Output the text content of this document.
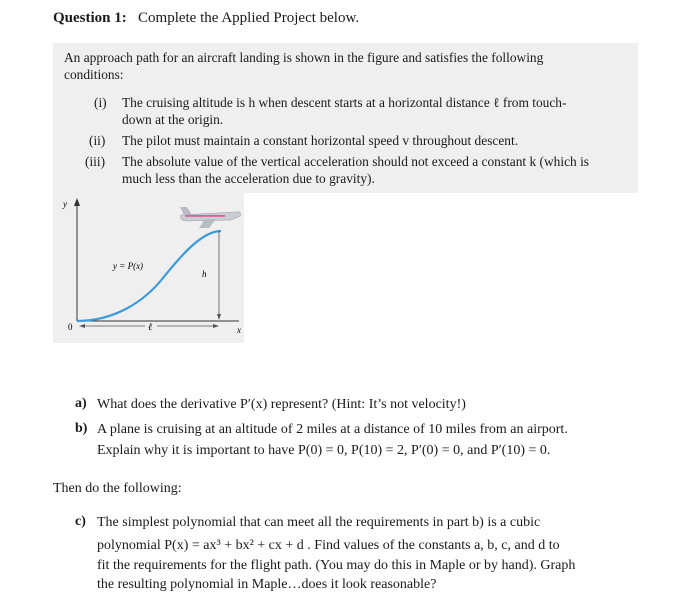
Question 1: Complete the Applied Project below.
An approach path for an aircraft landing is shown in the figure and satisfies the following
conditions:
(i) The cruising altitude is h when descent starts at a horizontal distance ℓ from touch-
down at the origin.
(ii) The pilot must maintain a constant horizontal speed v throughout descent.
(iii) The absolute value of the vertical acceleration should not exceed a constant k (which is
much less than the acceleration due to gravity).
y
x
0
y = P(x)
h
ℓ
a) What does the derivative P′(x) represent? (Hint: It’s not velocity!)
b) A plane is cruising at an altitude of 2 miles at a distance of 10 miles from an airport.
Explain why it is important to have P(0) = 0, P(10) = 2, P′(0) = 0, and P′(10) = 0.
Then do the following:
c) The simplest polynomial that can meet all the requirements in part b) is a cubic
polynomial P(x) = ax³ + bx² + cx + d . Find values of the constants a, b, c, and d to
fit the requirements for the flight path. (You may do this in Maple or by hand). Graph
the resulting polynomial in Maple…does it look reasonable?
